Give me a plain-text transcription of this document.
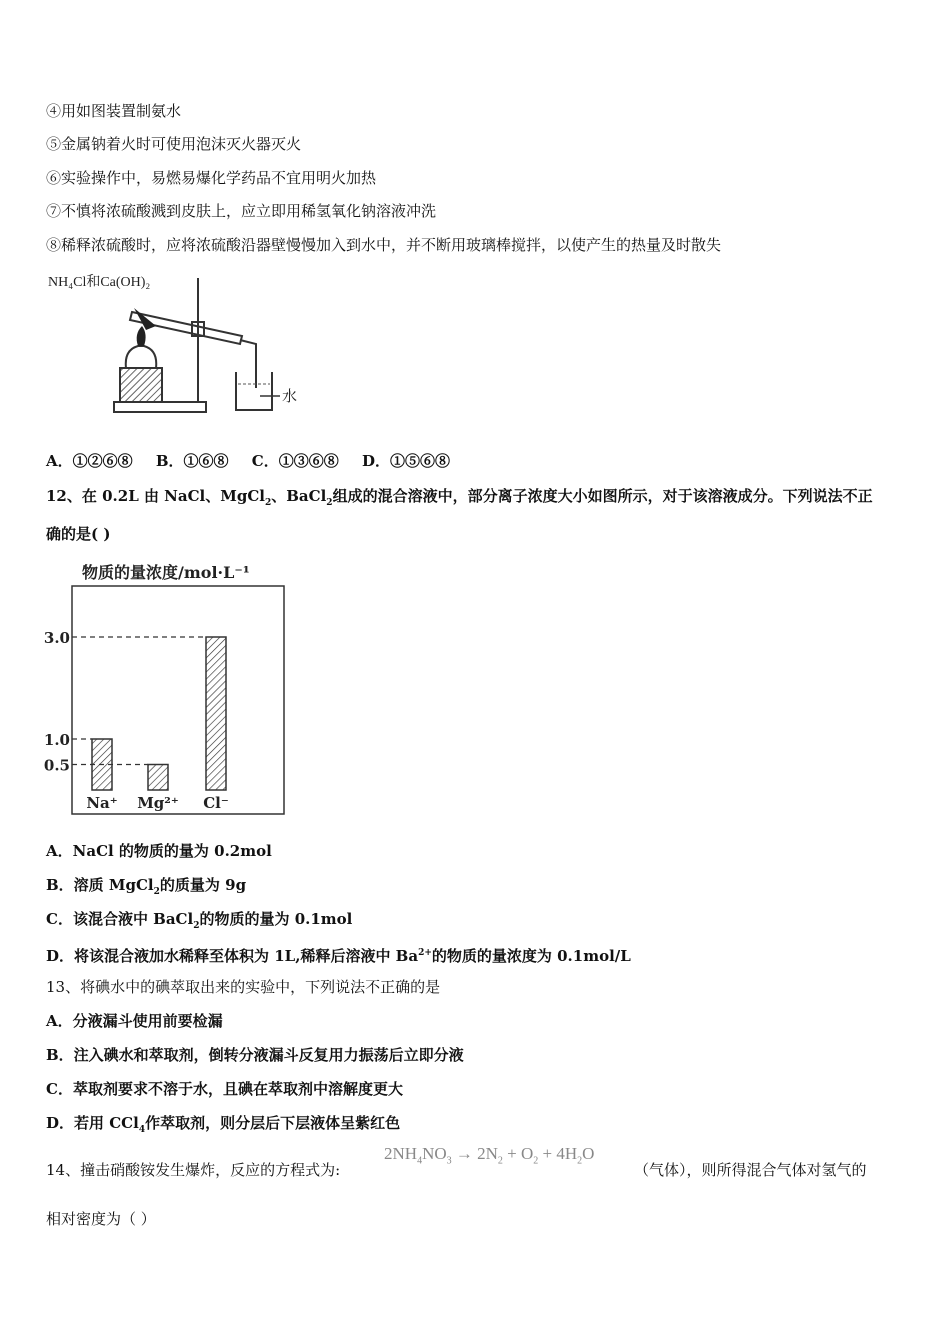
④用如图装置制氨水
⑤金属钠着火时可使用泡沫灭火器灭火
⑥实验操作中，易燃易爆化学药品不宜用明火加热
⑦不慎将浓硫酸溅到皮肤上，应立即用稀氢氧化钠溶液冲洗
⑧稀释浓硫酸时，应将浓硫酸沿器壁慢慢加入到水中，并不断用玻璃棒搅拌，以使产生的热量及时散失
NH₄Cl和Ca(OH)₂
水
A．①②⑥⑧ B．①⑥⑧ C．①③⑥⑧ D．①⑤⑥⑧
12、在 0.2L 由 NaCl、MgCl$_2$、BaCl$_2$组成的混合溶液中，部分离子浓度大小如图所示，对于该溶液成分。下列说法不正
确的是( )
物质的量浓度/mol·L⁻¹
3.0
1.0
0.5
Na⁺ Mg²⁺ Cl⁻
A．NaCl 的物质的量为 0.2mol
B．溶质 MgCl$_2$的质量为 9g
C．该混合液中 BaCl$_2$的物质的量为 0.1mol
D．将该混合液加水稀释至体积为 1L,稀释后溶液中 $Ba^{2+}$的物质的量浓度为 0.1mol/L
13、将碘水中的碘萃取出来的实验中，下列说法不正确的是
A．分液漏斗使用前要检漏
B．注入碘水和萃取剂，倒转分液漏斗反复用力振荡后立即分液
C．萃取剂要求不溶于水，且碘在萃取剂中溶解度更大
D．若用 CCl$_4$作萃取剂，则分层后下层液体呈紫红色
14、撞击硝酸铵发生爆炸，反应的方程式为:
$2NH_4NO_3 \to 2N_2 + O_2 + 4H_2O$
（气体），则所得混合气体对氢气的
相对密度为（ ）
